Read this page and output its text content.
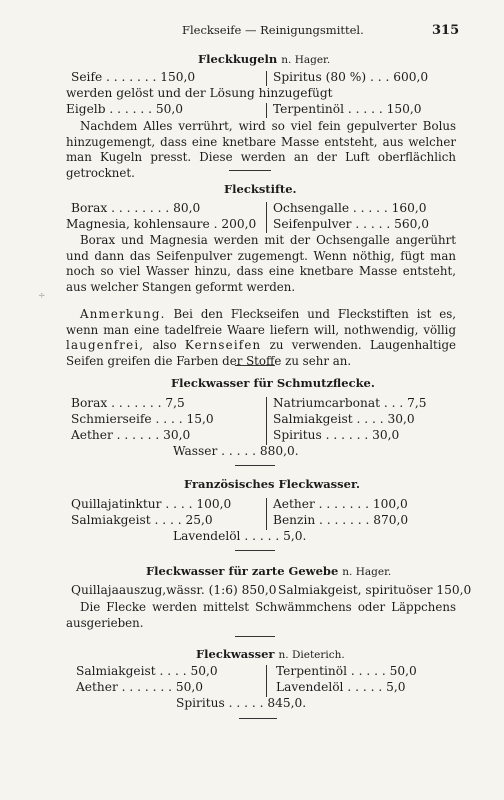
Fleckseife — Reinigungsmittel.	315
Fleckkugeln n. Hager.
Seife . . . . . . . 150,0	Spiritus (80 %) . . . 600,0
werden gelöst und der Lösung hinzugefügt
Eigelb . . . . . . 50,0	Terpentinöl . . . . . 150,0
Nachdem Alles verrührt, wird so viel fein gepulverter Bolus hinzugemengt, dass eine knetbare Masse entsteht, aus welcher man Kugeln presst. Diese werden an der Luft oberflächlich getrocknet.
Fleckstifte.
Borax . . . . . . . . 80,0	Ochsengalle . . . . . 160,0
Magnesia, kohlensaure . 200,0 Seifenpulver . . . . . 560,0
Borax und Magnesia werden mit der Ochsengalle angerührt und dann das Seifenpulver zugemengt. Wenn nöthig, fügt man noch so viel Wasser hinzu, dass eine knetbare Masse entsteht, aus welcher Stangen geformt werden.
÷
Anmerkung. Bei den Fleckseifen und Fleckstiften ist es, wenn man eine tadelfreie Waare liefern will, nothwendig, völlig laugenfrei, also Kernseifen zu verwenden. Laugenhaltige Seifen greifen die Farben der Stoffe zu sehr an.
Fleckwasser für Schmutzflecke.
Borax . . . . . . . 7,5	Natriumcarbonat . . . 7,5
Schmierseife . . . . 15,0	Salmiakgeist . . . . 30,0
Aether . . . . . . 30,0	Spiritus . . . . . . 30,0
Wasser . . . . . 880,0.
Französisches Fleckwasser.
Quillajatinktur . . . . 100,0	Aether . . . . . . . 100,0
Salmiakgeist . . . . 25,0	Benzin . . . . . . . 870,0
Lavendelöl . . . . . 5,0.
Fleckwasser für zarte Gewebe n. Hager.
Quillajaauszug,wässr. (1:6) 850,0 Salmiakgeist, spirituöser 150,0
Die Flecke werden mittelst Schwämmchens oder Läppchens ausgerieben.
Fleckwasser n. Dieterich.
Salmiakgeist . . . . 50,0	Terpentinöl . . . . . 50,0
Aether . . . . . . . 50,0	Lavendelöl . . . . . 5,0
Spiritus . . . . . 845,0.
